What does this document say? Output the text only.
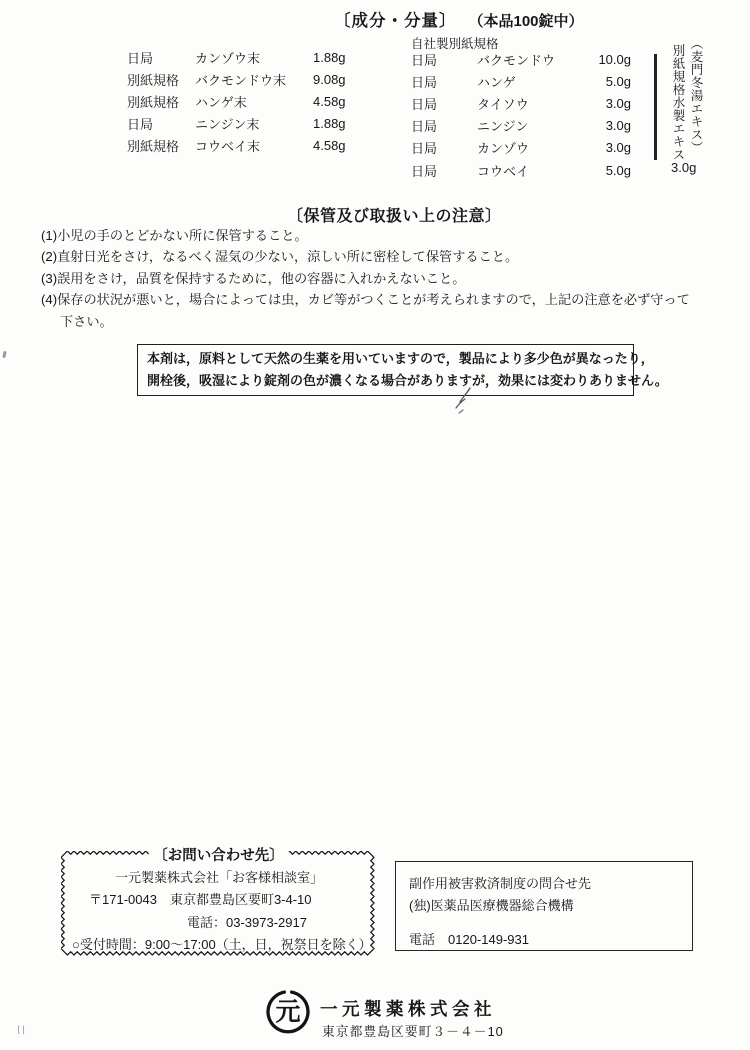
〔成分・分量〕 （本品100錠中）
自社製別紙規格
日局	カンゾウ末	1.88g
別紙規格	バクモンドウ末	9.08g
別紙規格	ハンゲ末	4.58g
日局	ニンジン末	1.88g
別紙規格	コウベイ末	4.58g
日局	バクモンドウ	10.0g
日局	ハンゲ	5.0g
日局	タイソウ	3.0g
日局	ニンジン	3.0g
日局	カンゾウ	3.0g
日局	コウベイ	5.0g
（麦門冬湯エキス）
別紙規格水製エキス
3.0g
〔保管及び取扱い上の注意〕
(1)小児の手のとどかない所に保管すること。
(2)直射日光をさけ，なるべく湿気の少ない，涼しい所に密栓して保管すること。
(3)誤用をさけ，品質を保持するために，他の容器に入れかえないこと。
(4)保存の状況が悪いと，場合によっては虫，カビ等がつくことが考えられますので，上記の注意を必ず守って
下さい。
本剤は，原料として天然の生薬を用いていますので，製品により多少色が異なったり，
開栓後，吸湿により錠剤の色が濃くなる場合がありますが，効果には変わりありません。
〔お問い合わせ先〕
一元製薬株式会社「お客様相談室」
〒171-0043　東京都豊島区要町3-4-10
電話：03-3973-2917
○受付時間：9:00～17:00（土，日，祝祭日を除く）
副作用被害救済制度の問合せ先
(独)医薬品医療機器総合機構
電話　0120-149-931
元 一元製薬株式会社
東京都豊島区要町３－４－10
❲|
